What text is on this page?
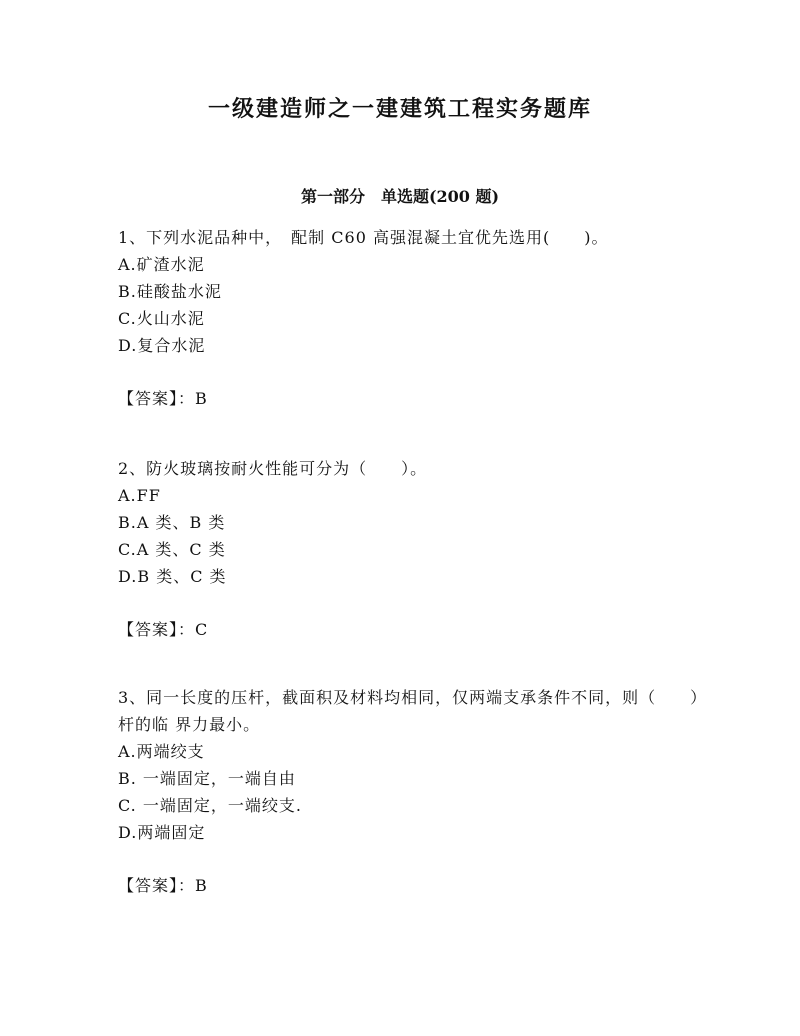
一级建造师之一建建筑工程实务题库
第一部分　单选题(200 题)

1、下列水泥品种中，　配制 C60 高强混凝土宜优先选用(　　)。

A.矿渣水泥
B.硅酸盐水泥
C.火山水泥
D.复合水泥
【答案】：B

2、防火玻璃按耐火性能可分为（　　）。

A.FF
B.A 类、B 类
C.A 类、C 类
D.B 类、C 类
【答案】：C

3、同一长度的压杆，截面积及材料均相同，仅两端支承条件不同，则（　　）杆的临 界力最小。

A.两端绞支
B. 一端固定，一端自由
C. 一端固定，一端绞支.
D.两端固定
【答案】：B
